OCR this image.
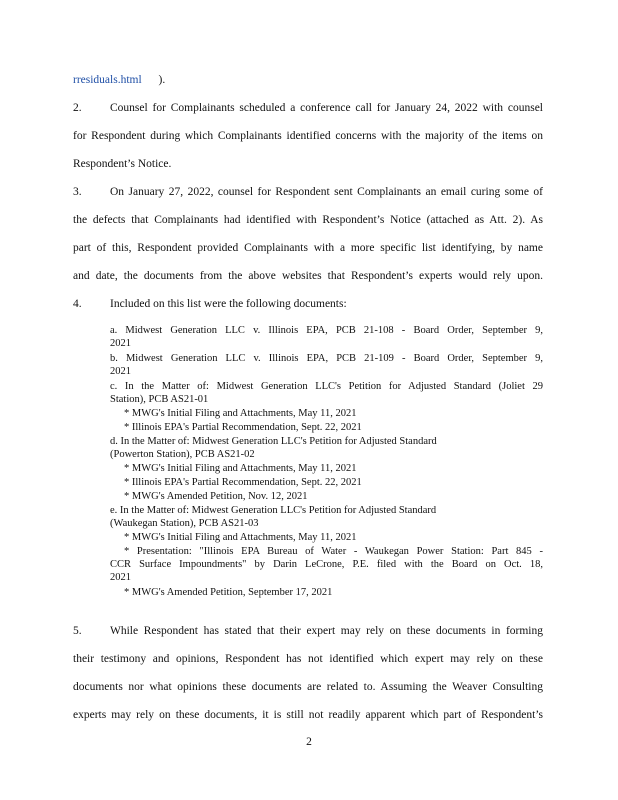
rresiduals.html ).
2. Counsel for Complainants scheduled a conference call for January 24, 2022 with counsel
for Respondent during which Complainants identified concerns with the majority of the items on
Respondent’s Notice.
3. On January 27, 2022, counsel for Respondent sent Complainants an email curing some of
the defects that Complainants had identified with Respondent’s Notice (attached as Att. 2). As
part of this, Respondent provided Complainants with a more specific list identifying, by name
and date, the documents from the above websites that Respondent’s experts would rely upon.
4. Included on this list were the following documents:
a. Midwest Generation LLC v. Illinois EPA, PCB 21-108 - Board Order, September 9,
2021
b. Midwest Generation LLC v. Illinois EPA, PCB 21-109 - Board Order, September 9,
2021
c. In the Matter of: Midwest Generation LLC's Petition for Adjusted Standard (Joliet 29
Station), PCB AS21-01
* MWG's Initial Filing and Attachments, May 11, 2021
* Illinois EPA's Partial Recommendation, Sept. 22, 2021
d. In the Matter of: Midwest Generation LLC's Petition for Adjusted Standard
(Powerton Station), PCB AS21-02
* MWG's Initial Filing and Attachments, May 11, 2021
* Illinois EPA's Partial Recommendation, Sept. 22, 2021
* MWG's Amended Petition, Nov. 12, 2021
e. In the Matter of: Midwest Generation LLC's Petition for Adjusted Standard
(Waukegan Station), PCB AS21-03
* MWG's Initial Filing and Attachments, May 11, 2021
* Presentation: "Illinois EPA Bureau of Water - Waukegan Power Station: Part 845 -
CCR Surface Impoundments" by Darin LeCrone, P.E. filed with the Board on Oct. 18,
2021
* MWG's Amended Petition, September 17, 2021
5. While Respondent has stated that their expert may rely on these documents in forming
their testimony and opinions, Respondent has not identified which expert may rely on these
documents nor what opinions these documents are related to. Assuming the Weaver Consulting
experts may rely on these documents, it is still not readily apparent which part of Respondent’s
2
